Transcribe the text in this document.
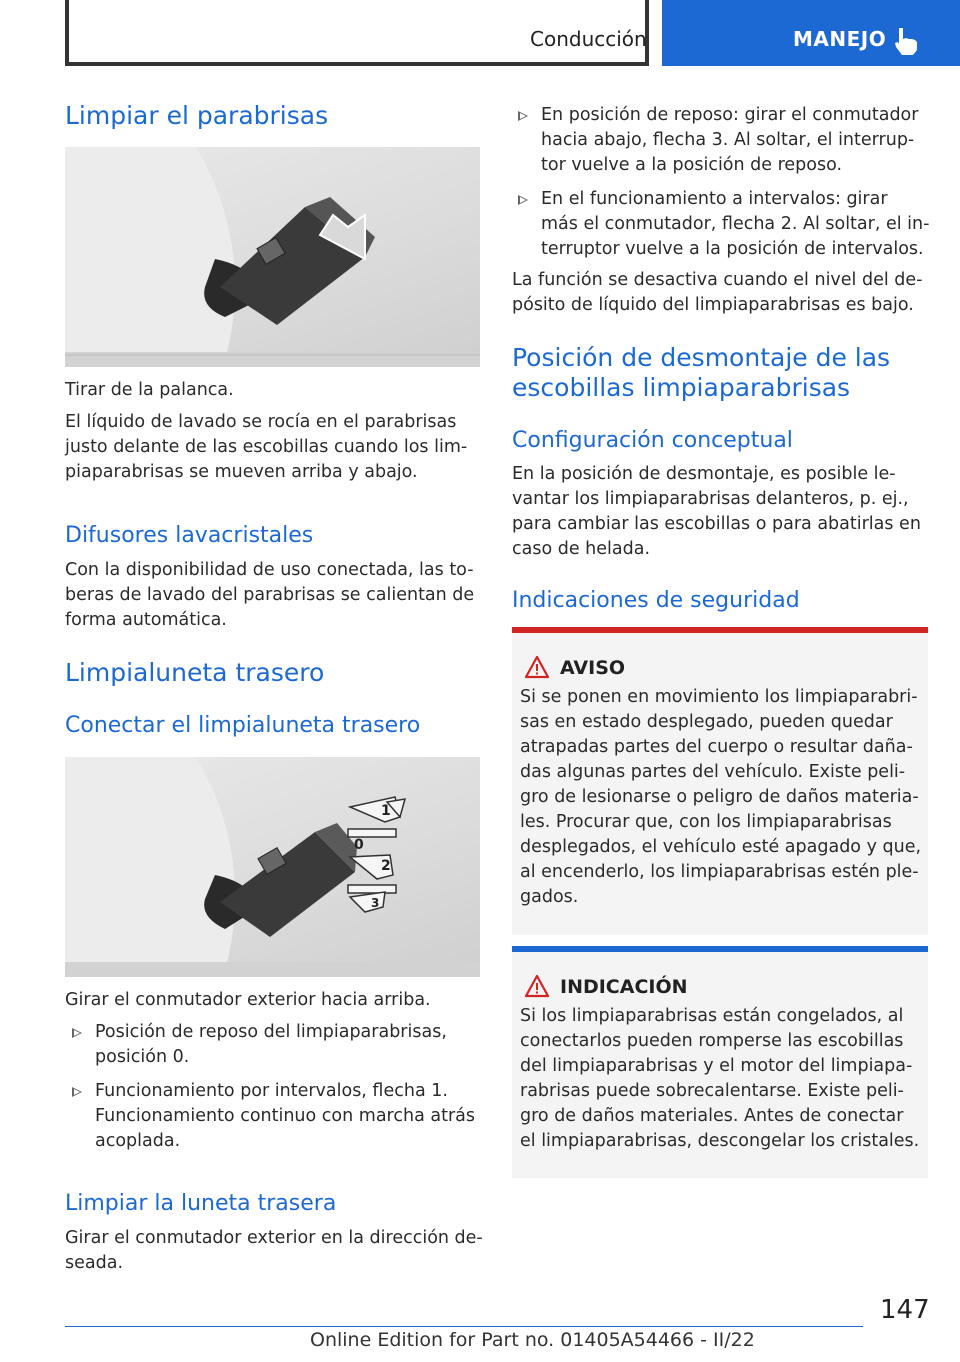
Conducción	MANEJO
Limpiar el parabrisas

Tirar de la palanca.

El líquido de lavado se rocía en el parabrisas
justo delante de las escobillas cuando los lim-
piaparabrisas se mueven arriba y abajo.

Difusores lavacristales

Con la disponibilidad de uso conectada, las to-
beras de lavado del parabrisas se calientan de
forma automática.

Limpialuneta trasero
Conectar el limpialuneta trasero
1
0
2
3

Girar el conmutador exterior hacia arriba.

Posición de reposo del limpiaparabrisas,
posición 0.

Funcionamiento por intervalos, flecha 1.
Funcionamiento continuo con marcha atrás
acoplada.

Limpiar la luneta trasera

Girar el conmutador exterior en la dirección de-
seada.

En posición de reposo: girar el conmutador
hacia abajo, flecha 3. Al soltar, el interrup-
tor vuelve a la posición de reposo.

En el funcionamiento a intervalos: girar
más el conmutador, flecha 2. Al soltar, el in-
terruptor vuelve a la posición de intervalos.

La función se desactiva cuando el nivel del de-
pósito de líquido del limpiaparabrisas es bajo.

Posición de desmontaje de las
escobillas limpiaparabrisas
Configuración conceptual

En la posición de desmontaje, es posible le-
vantar los limpiaparabrisas delanteros, p. ej.,
para cambiar las escobillas o para abatirlas en
caso de helada.

Indicaciones de seguridad
AVISO

Si se ponen en movimiento los limpiaparabri-
sas en estado desplegado, pueden quedar
atrapadas partes del cuerpo o resultar daña-
das algunas partes del vehículo. Existe peli-
gro de lesionarse o peligro de daños materia-
les. Procurar que, con los limpiaparabrisas
desplegados, el vehículo esté apagado y que,
al encenderlo, los limpiaparabrisas estén ple-
gados.

INDICACIÓN

Si los limpiaparabrisas están congelados, al
conectarlos pueden romperse las escobillas
del limpiaparabrisas y el motor del limpiapa-
rabrisas puede sobrecalentarse. Existe peli-
gro de daños materiales. Antes de conectar
el limpiaparabrisas, descongelar los cristales.

147
Online Edition for Part no. 01405A54466 - II/22
